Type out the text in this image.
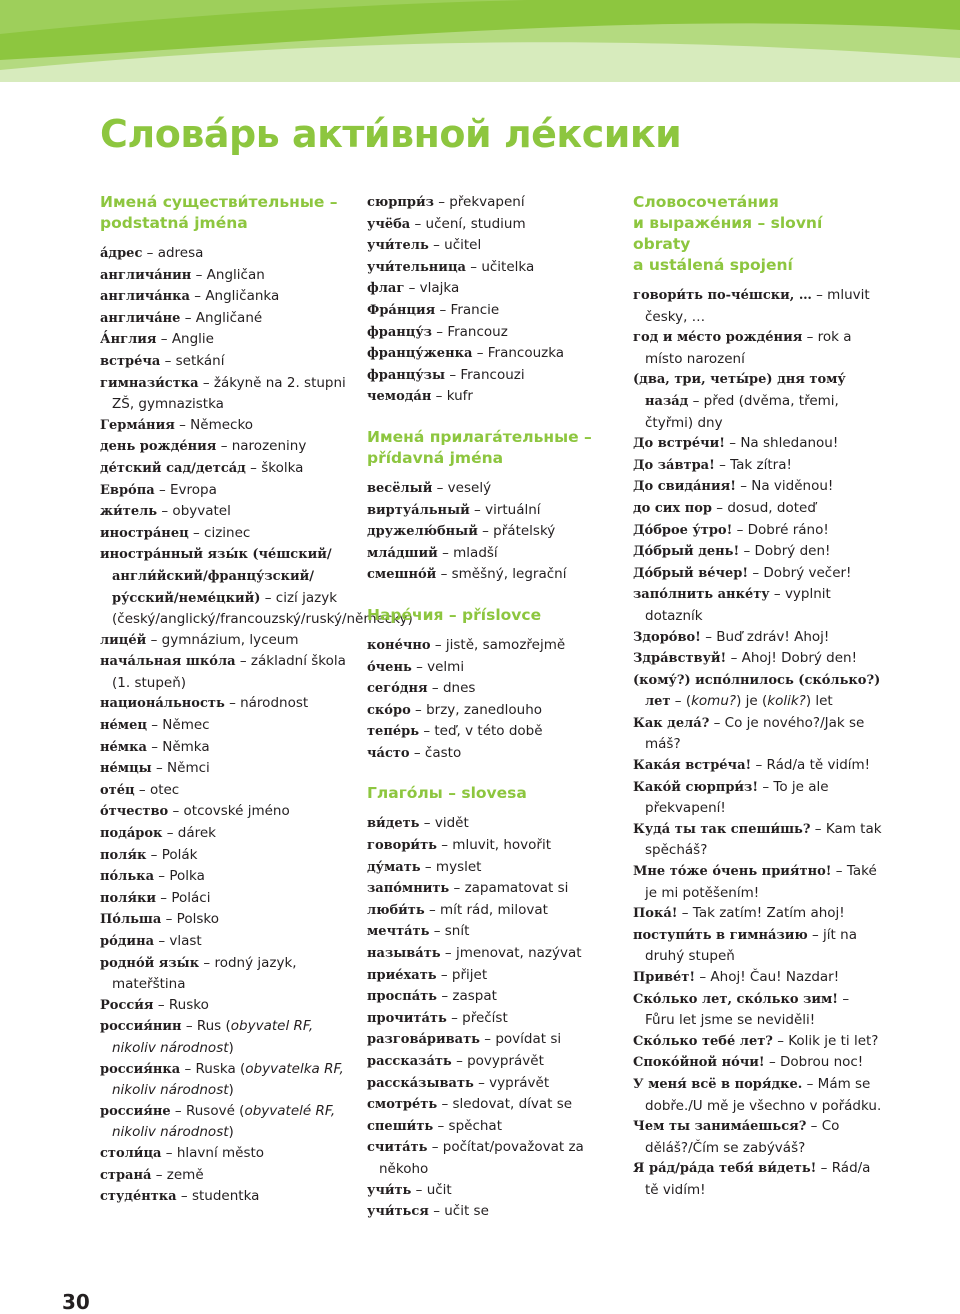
Слова́рь акти́вной ле́ксики
Имена́ существи́тельные –
podstatná jména
а́дрес – adresa
англича́нин – Angličan
англича́нка – Angličanka
англича́не – Angličané
А́нглия – Anglie
встре́ча – setkání
гимнази́стка – žákyně na 2. stupni ZŠ, gymnazistka
Герма́ния – Německo
день рожде́ния – narozeniny
де́тский сад/детса́д – školka
Евро́па – Evropa
жи́тель – obyvatel
иностра́нец – cizinec
иностра́нный язы́к (че́шский/англи́йский/францу́зский/ру́сский/неме́цкий) – cizí jazyk (český/anglický/francouzský/ruský/německý)
лице́й – gymnázium, lyceum
нача́льная шко́ла – základní škola (1. stupeň)
национа́льность – národnost
не́мец – Němec
не́мка – Němka
не́мцы – Němci
оте́ц – otec
о́тчество – otcovské jméno
пода́рок – dárek
поля́к – Polák
по́лька – Polka
поля́ки – Poláci
По́льша – Polsko
ро́дина – vlast
родно́й язы́к – rodný jazyk, mateřština
Росси́я – Rusko
россия́нин – Rus (obyvatel RF, nikoliv národnost)
россия́нка – Ruska (obyvatelka RF, nikoliv národnost)
россия́не – Rusové (obyvatelé RF, nikoliv národnost)
столи́ца – hlavní město
страна́ – země
студе́нтка – studentka
сюрпри́з – překvapení
учёба – učení, studium
учи́тель – učitel
учи́тельница – učitelka
флаг – vlajka
Фра́нция – Francie
францу́з – Francouz
францу́женка – Francouzka
францу́зы – Francouzi
чемода́н – kufr
Имена́ прилага́тельные –
přídavná jména
весёлый – veselý
виртуа́льный – virtuální
дружелю́бный – přátelský
мла́дший – mladší
смешно́й – směšný, legrační
Наре́чия – příslovce
коне́чно – jistě, samozřejmě
о́чень – velmi
сего́дня – dnes
ско́ро – brzy, zanedlouho
тепе́рь – teď, v této době
ча́сто – často
Глаго́лы – slovesa
ви́деть – vidět
говори́ть – mluvit, hovořit
ду́мать – myslet
запо́мнить – zapamatovat si
люби́ть – mít rád, milovat
мечта́ть – snít
называ́ть – jmenovat, nazývat
прие́хать – přijet
проспа́ть – zaspat
прочита́ть – přečíst
разгова́ривать – povídat si
рассказа́ть – povyprávět
расска́зывать – vyprávět
смотре́ть – sledovat, dívat se
спеши́ть – spěchat
счита́ть – počítat/považovat za někoho
учи́ть – učit
учи́ться – učit se
Словосочета́ния
и выраже́ния – slovní obraty
a ustálená spojení
говори́ть по-че́шски, … – mluvit česky, …
год и ме́сто рожде́ния – rok a místo narození
(два, три, четы́ре) дня тому́ наза́д – před (dvěma, třemi, čtyřmi) dny
До встре́чи! – Na shledanou!
До за́втра! – Tak zítra!
До свида́ния! – Na viděnou!
до сих пор – dosud, doteď
До́брое у́тро! – Dobré ráno!
До́брый день! – Dobrý den!
До́брый ве́чер! – Dobrý večer!
запо́лнить анке́ту – vyplnit dotazník
Здоро́во! – Buď zdráv! Ahoj!
Здра́вствуй! – Ahoj! Dobrý den!
(кому́?) испо́лнилось (ско́лько?) лет – (komu?) je (kolik?) let
Как дела́? – Co je nového?/Jak se máš?
Кака́я встре́ча! – Rád/a tě vidím!
Како́й сюрпри́з! – To je ale překvapení!
Куда́ ты так спеши́шь? – Kam tak spěcháš?
Мне то́же о́чень прия́тно! – Také je mi potěšením!
Пока́! – Tak zatím! Zatím ahoj!
поступи́ть в гимна́зию – jít na druhý stupeň
Приве́т! – Ahoj! Čau! Nazdar!
Ско́лько лет, ско́лько зим! – Fůru let jsme se neviděli!
Ско́лько тебе́ лет? – Kolik je ti let?
Споко́йной но́чи! – Dobrou noc!
У меня́ всё в поря́дке. – Mám se dobře./U mě je všechno v pořádku.
Чем ты занима́ешься? – Co děláš?/Čím se zabýváš?
Я ра́д/ра́да тебя́ ви́деть! – Rád/a tě vidím!
30
